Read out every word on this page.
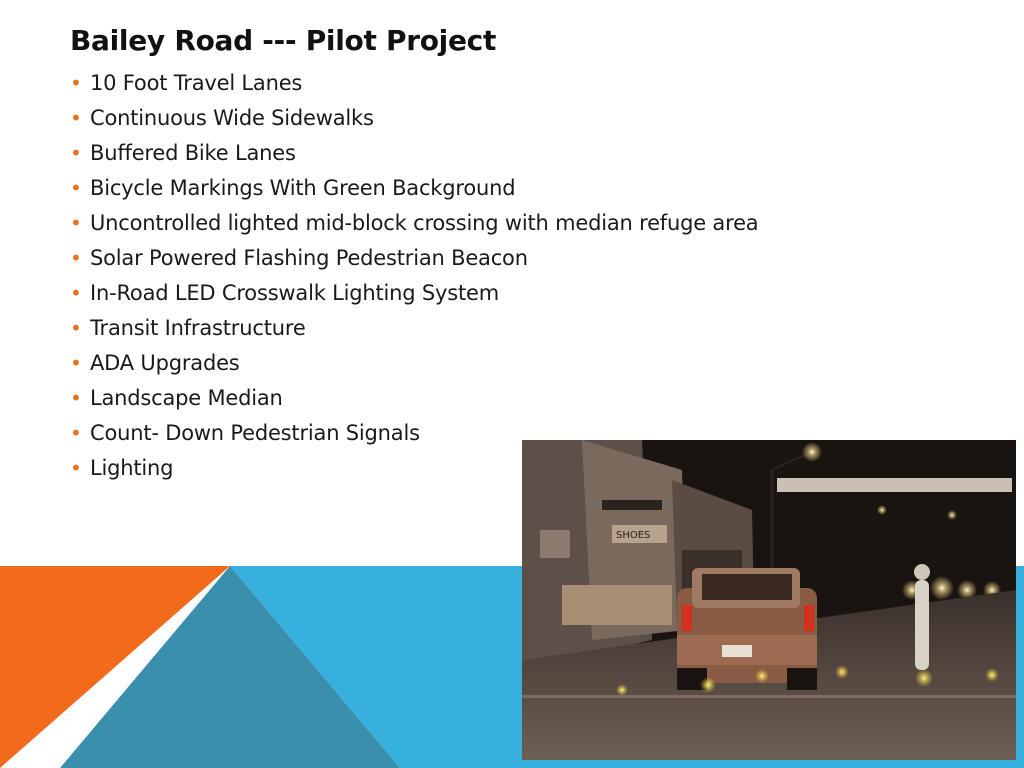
Bailey Road --- Pilot Project
• 10 Foot Travel Lanes
• Continuous Wide Sidewalks
• Buffered Bike Lanes
• Bicycle Markings With Green Background
• Uncontrolled lighted mid-block crossing with median refuge area
• Solar Powered Flashing Pedestrian Beacon
• In-Road LED Crosswalk Lighting System
• Transit Infrastructure
• ADA Upgrades
• Landscape Median
• Count- Down Pedestrian Signals
• Lighting
SHOES
